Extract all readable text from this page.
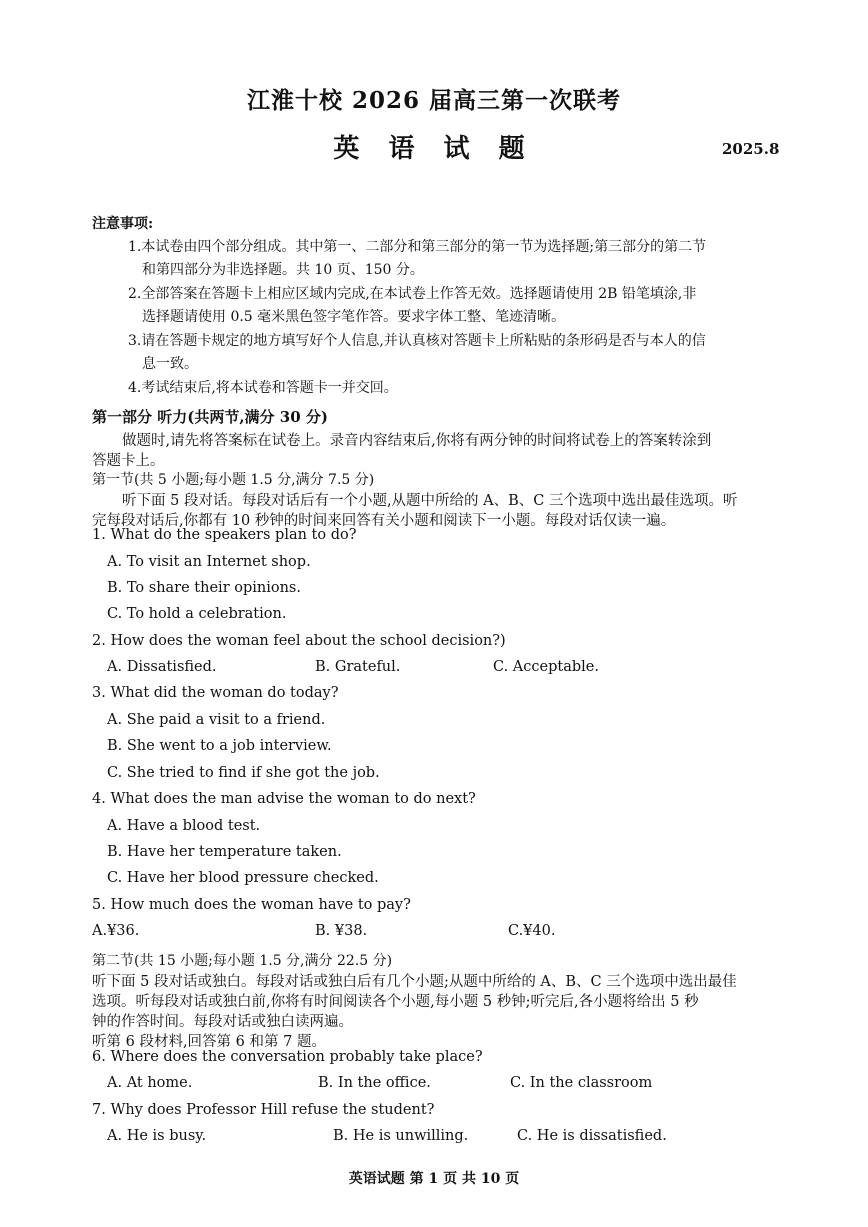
江淮十校 2026 届高三第一次联考
英 语 试 题	2025.8
注意事项:
1.本试卷由四个部分组成。其中第一、二部分和第三部分的第一节为选择题;第三部分的第二节
和第四部分为非选择题。共 10 页、150 分。
2.全部答案在答题卡上相应区域内完成,在本试卷上作答无效。选择题请使用 2B 铅笔填涂,非
选择题请使用 0.5 毫米黑色签字笔作答。要求字体工整、笔迹清晰。
3.请在答题卡规定的地方填写好个人信息,并认真核对答题卡上所粘贴的条形码是否与本人的信
息一致。
4.考试结束后,将本试卷和答题卡一并交回。
第一部分 听力(共两节,满分 30 分)
做题时,请先将答案标在试卷上。录音内容结束后,你将有两分钟的时间将试卷上的答案转涂到
答题卡上。
第一节(共 5 小题;每小题 1.5 分,满分 7.5 分)
听下面 5 段对话。每段对话后有一个小题,从题中所给的 A、B、C 三个选项中选出最佳选项。听
完每段对话后,你都有 10 秒钟的时间来回答有关小题和阅读下一小题。每段对话仅读一遍。
1. What do the speakers plan to do?
A. To visit an Internet shop.
B. To share their opinions.
C. To hold a celebration.
2. How does the woman feel about the school decision?)
A. Dissatisfied.	B. Grateful.	C. Acceptable.
3. What did the woman do today?
A. She paid a visit to a friend.
B. She went to a job interview.
C. She tried to find if she got the job.
4. What does the man advise the woman to do next?
A. Have a blood test.
B. Have her temperature taken.
C. Have her blood pressure checked.
5. How much does the woman have to pay?
A.¥36.	B. ¥38.	C.¥40.
第二节(共 15 小题;每小题 1.5 分,满分 22.5 分)
听下面 5 段对话或独白。每段对话或独白后有几个小题;从题中所给的 A、B、C 三个选项中选出最佳
选项。听每段对话或独白前,你将有时间阅读各个小题,每小题 5 秒钟;听完后,各小题将给出 5 秒
钟的作答时间。每段对话或独白读两遍。
听第 6 段材料,回答第 6 和第 7 题。
6. Where does the conversation probably take place?
A. At home.	B. In the office.	C. In the classroom
7. Why does Professor Hill refuse the student?
A. He is busy.	B. He is unwilling.	C. He is dissatisfied.
英语试题 第 1 页 共 10 页
